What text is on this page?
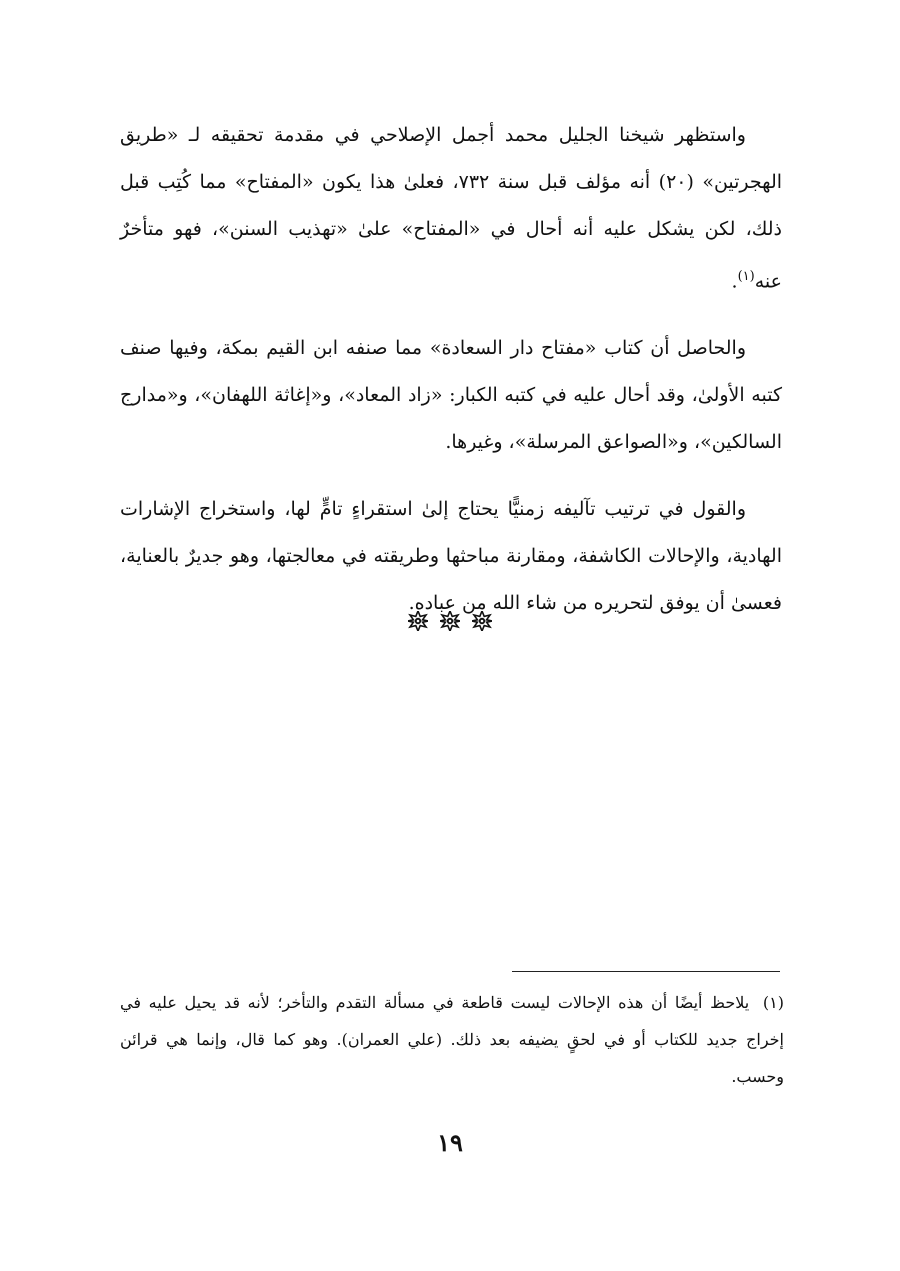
واستظهر شيخنا الجليل محمد أجمل الإصلاحي في مقدمة تحقيقه لـ «طريق الهجرتين» (٢٠) أنه مؤلف قبل سنة ٧٣٢، فعلىٰ هذا يكون «المفتاح» مما كُتِب قبل ذلك، لكن يشكل عليه أنه أحال في «المفتاح» علىٰ «تهذيب السنن»، فهو متأخرٌ عنه$^{(١)}$.

والحاصل أن كتاب «مفتاح دار السعادة» مما صنفه ابن القيم بمكة، وفيها صنف كتبه الأولىٰ، وقد أحال عليه في كتبه الكبار: «زاد المعاد»، و«إغاثة اللهفان»، و«مدارج السالكين»، و«الصواعق المرسلة»، وغيرها.

والقول في ترتيب تآليفه زمنيًّا يحتاج إلىٰ استقراءٍ تامٍّ لها، واستخراج الإشارات الهادية، والإحالات الكاشفة، ومقارنة مباحثها وطريقته في معالجتها، وهو جديرٌ بالعناية، فعسىٰ أن يوفق لتحريره من شاء الله من عباده.

(١) يلاحظ أيضًا أن هذه الإحالات ليست قاطعة في مسألة التقدم والتأخر؛ لأنه قد يحيل عليه في إخراج جديد للكتاب أو في لحقٍ يضيفه بعد ذلك. (علي العمران). وهو كما قال، وإنما هي قرائن وحسب.

١٩
